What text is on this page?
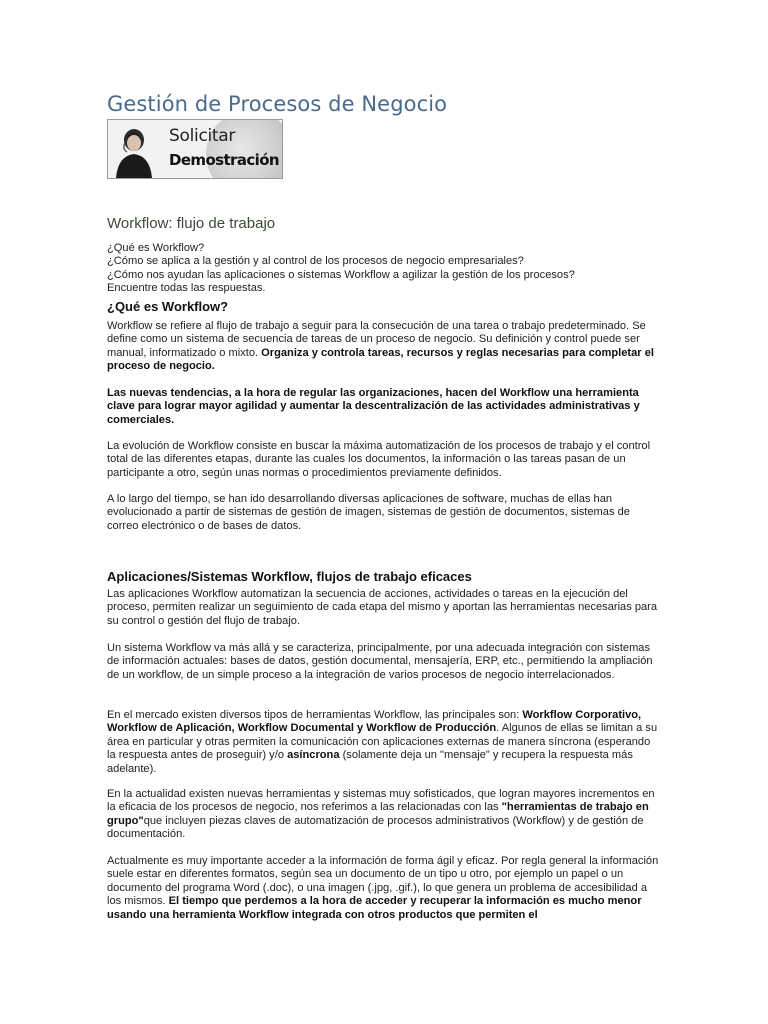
Gestión de Procesos de Negocio
Solicitar
Demostración
Workflow: flujo de trabajo

¿Qué es Workflow?

¿Cómo se aplica a la gestión y al control de los procesos de negocio empresariales?

¿Cómo nos ayudan las aplicaciones o sistemas Workflow a agilizar la gestión de los procesos?

Encuentre todas las respuestas.

¿Qué es Workflow?
Workflow se refiere al flujo de trabajo a seguir para la consecución de una tarea o trabajo predeterminado. Se define como un sistema de secuencia de tareas de un proceso de negocio. Su definición y control puede ser manual, informatizado o mixto. Organiza y controla tareas, recursos y reglas necesarias para completar el proceso de negocio.
Las nuevas tendencias, a la hora de regular las organizaciones, hacen del Workflow una herramienta clave para lograr mayor agilidad y aumentar la descentralización de las actividades administrativas y comerciales.

La evolución de Workflow consiste en buscar la máxima automatización de los procesos de trabajo y el control total de las diferentes etapas, durante las cuales los documentos, la información o las tareas pasan de un participante a otro, según unas normas o procedimientos previamente definidos.

A lo largo del tiempo, se han ido desarrollando diversas aplicaciones de software, muchas de ellas han evolucionado a partir de sistemas de gestión de imagen, sistemas de gestión de documentos, sistemas de correo electrónico o de bases de datos.

Aplicaciones/Sistemas Workflow, flujos de trabajo eficaces

Las aplicaciones Workflow automatizan la secuencia de acciones, actividades o tareas en la ejecución del proceso, permiten realizar un seguimiento de cada etapa del mismo y aportan las herramientas necesarias para su control o gestión del flujo de trabajo.

Un sistema Workflow va más allá y se caracteriza, principalmente, por una adecuada integración con sistemas de información actuales: bases de datos, gestión documental, mensajería, ERP, etc., permitiendo la ampliación de un workflow, de un simple proceso a la integración de varios procesos de negocio interrelacionados.

En el mercado existen diversos tipos de herramientas Workflow, las principales son: Workflow Corporativo, Workflow de Aplicación, Workflow Documental y Workflow de Producción. Algunos de ellas se limitan a su área en particular y otras permiten la comunicación con aplicaciones externas de manera síncrona (esperando la respuesta antes de proseguir) y/o asíncrona (solamente deja un "mensaje" y recupera la respuesta más adelante).
En la actualidad existen nuevas herramientas y sistemas muy sofisticados, que logran mayores incrementos en la eficacia de los procesos de negocio, nos referimos a las relacionadas con las "herramientas de trabajo en grupo"que incluyen piezas claves de automatización de procesos administrativos (Workflow) y de gestión de documentación.
Actualmente es muy importante acceder a la información de forma ágil y eficaz. Por regla general la información suele estar en diferentes formatos, según sea un documento de un tipo u otro, por ejemplo un papel o un documento del programa Word (.doc), o una imagen (.jpg, .gif.), lo que genera un problema de accesibilidad a los mismos. El tiempo que perdemos a la hora de acceder y recuperar la información es mucho menor usando una herramienta Workflow integrada con otros productos que permiten el
